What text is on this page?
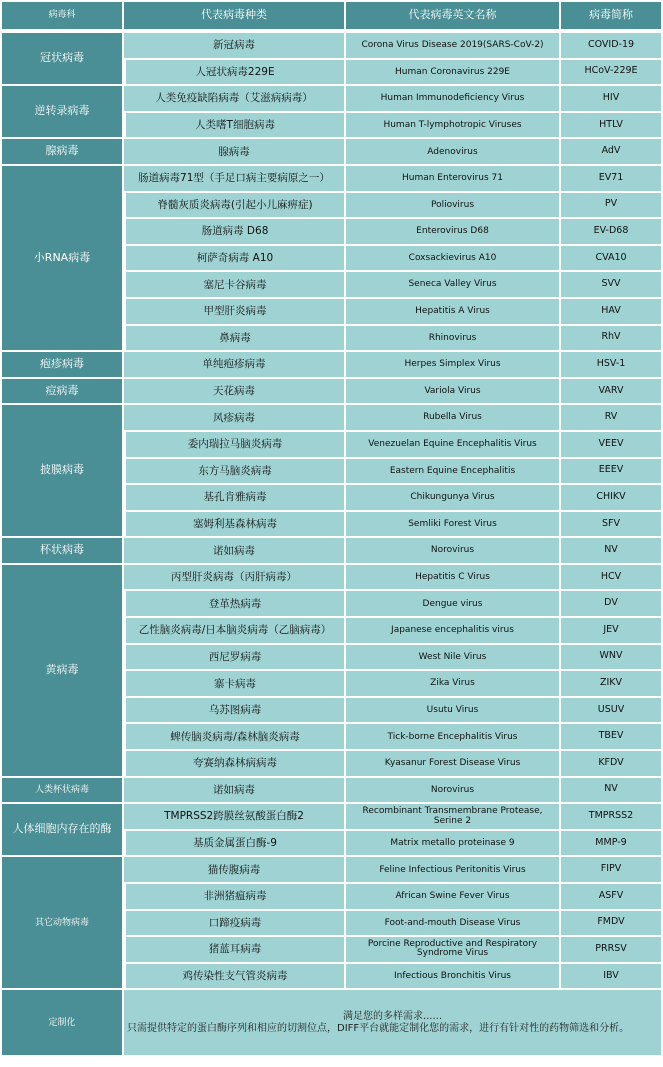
病毒科	代表病毒种类	代表病毒英文名称	病毒简称

冠状病毒	新冠病毒	Corona Virus Disease 2019(SARS-CoV-2)	COVID-19
	人冠状病毒229E	Human Coronavirus 229E	HCoV-229E
逆转录病毒	人类免疫缺陷病毒（艾滋病病毒）	Human Immunodeficiency Virus	HIV
	人类嗜T细胞病毒	Human T-lymphotropic Viruses	HTLV
腺病毒	腺病毒	Adenovirus	AdV
小RNA病毒	肠道病毒71型（手足口病主要病原之一）	Human Enterovirus 71	EV71
	脊髓灰质炎病毒(引起小儿麻痹症)	Poliovirus	PV
	肠道病毒 D68	Enterovirus D68	EV-D68
	柯萨奇病毒 A10	Coxsackievirus A10	CVA10
	塞尼卡谷病毒	Seneca Valley Virus	SVV
	甲型肝炎病毒	Hepatitis A Virus	HAV
	鼻病毒	Rhinovirus	RhV
疱疹病毒	单纯疱疹病毒	Herpes Simplex Virus	HSV-1
痘病毒	天花病毒	Variola Virus	VARV
披膜病毒	风疹病毒	Rubella Virus	RV
	委内瑞拉马脑炎病毒	Venezuelan Equine Encephalitis Virus	VEEV
	东方马脑炎病毒	Eastern Equine Encephalitis	EEEV
	基孔肯雅病毒	Chikungunya Virus	CHIKV
	塞姆利基森林病毒	Semliki Forest Virus	SFV
杯状病毒	诺如病毒	Norovirus	NV
黄病毒	丙型肝炎病毒（丙肝病毒）	Hepatitis C Virus	HCV
	登革热病毒	Dengue virus	DV
	乙性脑炎病毒/日本脑炎病毒（乙脑病毒）	Japanese encephalitis virus	JEV
	西尼罗病毒	West Nile Virus	WNV
	寨卡病毒	Zika Virus	ZIKV
	乌苏图病毒	Usutu Virus	USUV
	蜱传脑炎病毒/森林脑炎病毒	Tick-borne Encephalitis Virus	TBEV
	夸赛纳森林病病毒	Kyasanur Forest Disease Virus	KFDV
人类杯状病毒	诺如病毒	Norovirus	NV
人体细胞内存在的酶	TMPRSS2跨膜丝氨酸蛋白酶2	Recombinant Transmembrane Protease, Serine 2	TMPRSS2
	基质金属蛋白酶-9	Matrix metallo proteinase 9	MMP-9
其它动物病毒	猫传腹病毒	Feline Infectious Peritonitis Virus	FIPV
	非洲猪瘟病毒	African Swine Fever Virus	ASFV
	口蹄疫病毒	Foot-and-mouth Disease Virus	FMDV
	猪蓝耳病毒	Porcine Reproductive and Respiratory Syndrome Virus	PRRSV
	鸡传染性支气管炎病毒	Infectious Bronchitis Virus	IBV
定制化	满足您的多样需求......
只需提供特定的蛋白酶序列和相应的切割位点，DIFF平台就能定制化您的需求，进行有针对性的药物筛选和分析。		
